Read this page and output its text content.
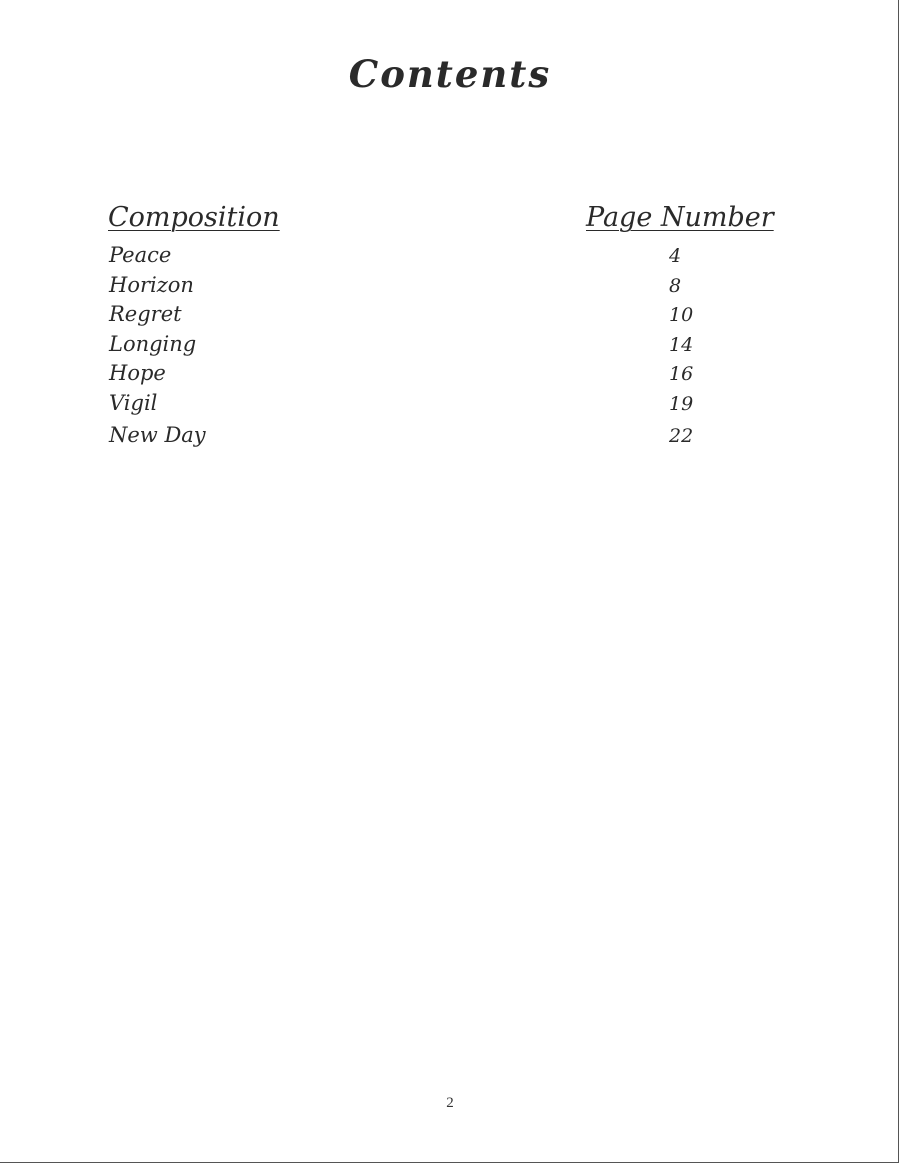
Contents
Composition	Page Number
Peace	4
Horizon	8
Regret	10
Longing	14
Hope	16
Vigil	19
New Day	22
2
